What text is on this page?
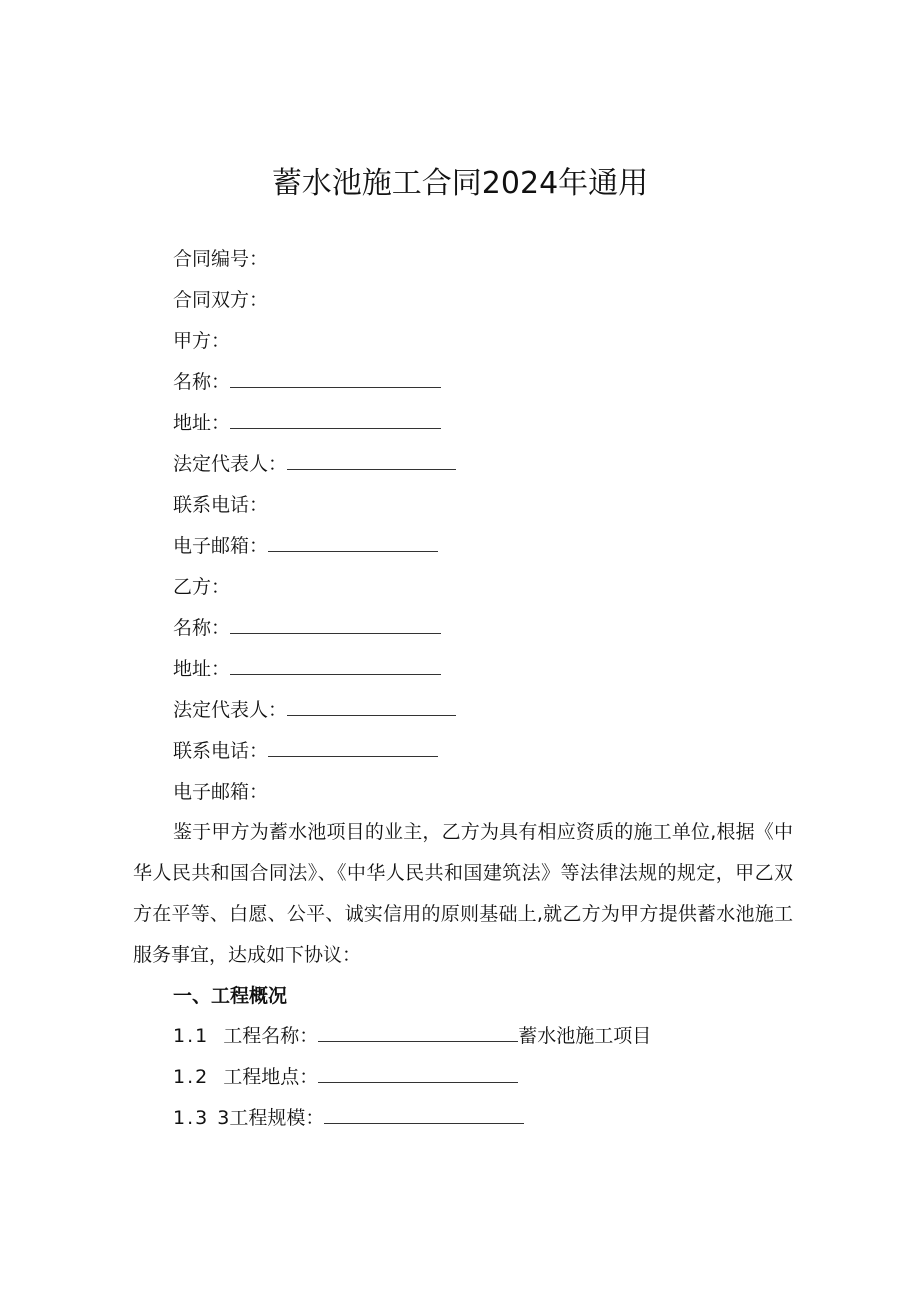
蓄水池施工合同2024年通用
合同编号：
合同双方：
甲方：
名称：
地址：
法定代表人：
联系电话：
电子邮箱：
乙方：
名称：
地址：
法定代表人：
联系电话：
电子邮箱：
鉴于甲方为蓄水池项目的业主，乙方为具有相应资质的施工单位,根据《中华人民共和国合同法》、《中华人民共和国建筑法》等法律法规的规定，甲乙双方在平等、白愿、公平、诚实信用的原则基础上,就乙方为甲方提供蓄水池施工服务事宜，达成如下协议：
一、工程概况
1.1 工程名称：	蓄水池施工项目
1.2 工程地点：
1.3 3工程规模：
